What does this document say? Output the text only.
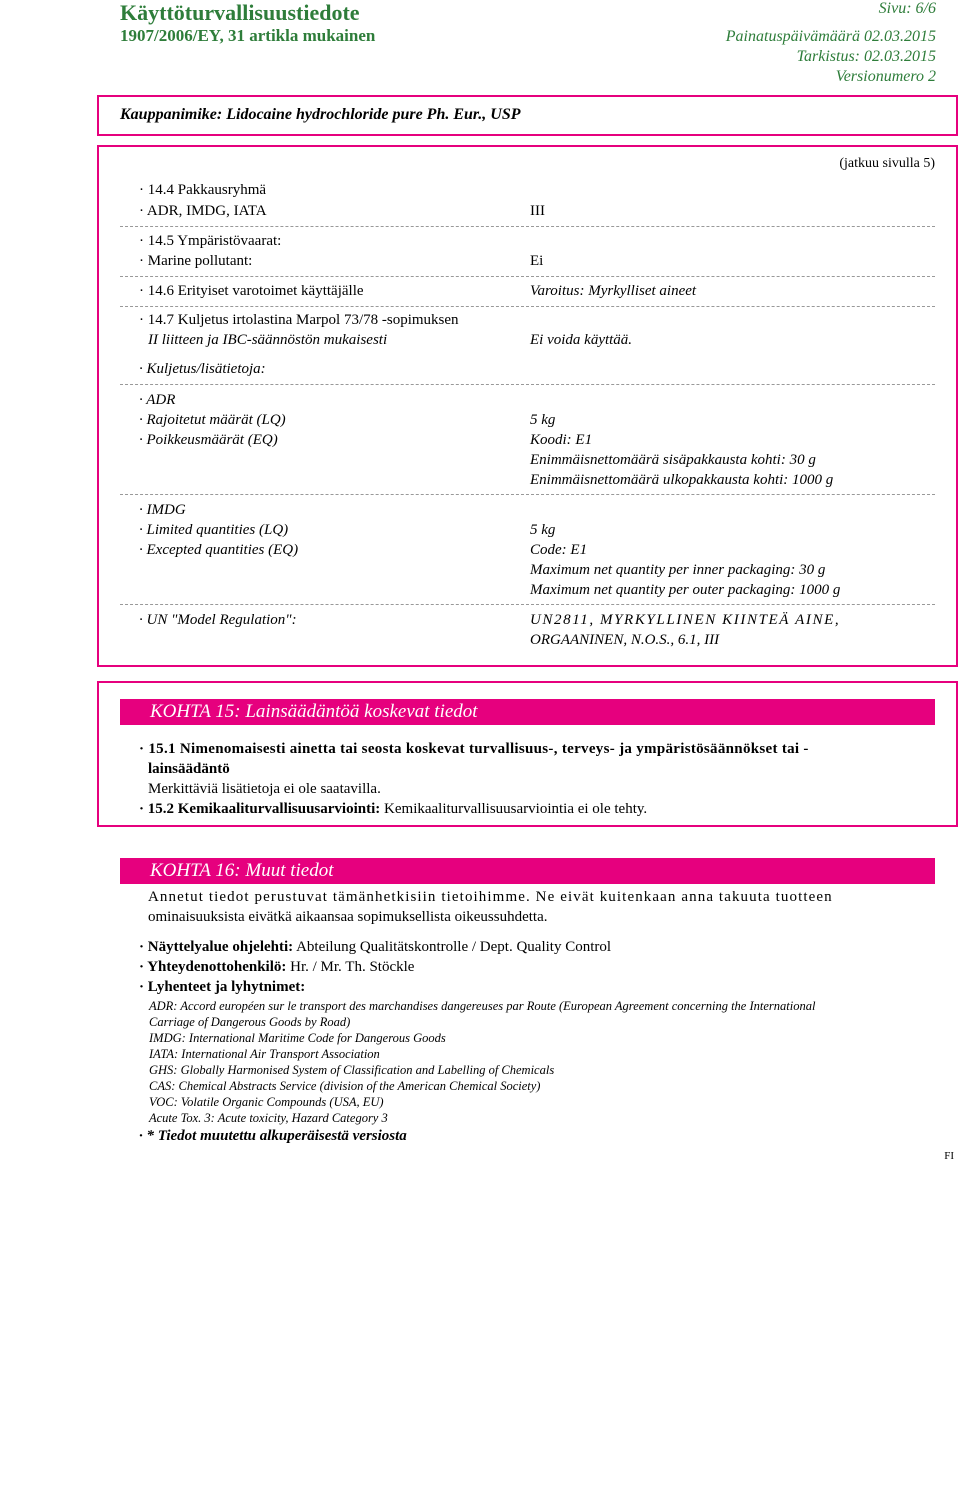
Käyttöturvallisuustiedote
1907/2006/EY, 31 artikla mukainen
Sivu: 6/6
Painatuspäivämäärä 02.03.2015
Tarkistus: 02.03.2015
Versionumero 2
Kauppanimike: Lidocaine hydrochloride pure Ph. Eur., USP
(jatkuu sivulla 5)
· 14.4 Pakkausryhmä
· ADR, IMDG, IATA	III
· 14.5 Ympäristövaarat:
· Marine pollutant:	Ei
· 14.6 Erityiset varotoimet käyttäjälle	Varoitus: Myrkylliset aineet
· 14.7 Kuljetus irtolastina Marpol 73/78 -sopimuksen
II liitteen ja IBC-säännöstön mukaisesti	Ei voida käyttää.
· Kuljetus/lisätietoja:
· ADR
· Rajoitetut määrät (LQ)	5 kg
· Poikkeusmäärät (EQ)	Koodi: E1
Enimmäisnettomäärä sisäpakkausta kohti: 30 g
Enimmäisnettomäärä ulkopakkausta kohti: 1000 g
· IMDG
· Limited quantities (LQ)	5 kg
· Excepted quantities (EQ)	Code: E1
Maximum net quantity per inner packaging: 30 g
Maximum net quantity per outer packaging: 1000 g
· UN "Model Regulation":	UN2811, MYRKYLLINEN KIINTEÄ AINE,
ORGAANINEN, N.O.S., 6.1, III
KOHTA 15: Lainsäädäntöä koskevat tiedot
· 15.1 Nimenomaisesti ainetta tai seosta koskevat turvallisuus-, terveys- ja ympäristösäännökset tai -
lainsäädäntö
Merkittäviä lisätietoja ei ole saatavilla.
· 15.2 Kemikaaliturvallisuusarviointi: Kemikaaliturvallisuusarviointia ei ole tehty.
KOHTA 16: Muut tiedot
Annetut tiedot perustuvat tämänhetkisiin tietoihimme. Ne eivät kuitenkaan anna takuuta tuotteen
ominaisuuksista eivätkä aikaansaa sopimuksellista oikeussuhdetta.
· Näyttelyalue ohjelehti: Abteilung Qualitätskontrolle / Dept. Quality Control
· Yhteydenottohenkilö: Hr. / Mr. Th. Stöckle
· Lyhenteet ja lyhytnimet:
ADR: Accord européen sur le transport des marchandises dangereuses par Route (European Agreement concerning the International
Carriage of Dangerous Goods by Road)
IMDG: International Maritime Code for Dangerous Goods
IATA: International Air Transport Association
GHS: Globally Harmonised System of Classification and Labelling of Chemicals
CAS: Chemical Abstracts Service (division of the American Chemical Society)
VOC: Volatile Organic Compounds (USA, EU)
Acute Tox. 3: Acute toxicity, Hazard Category 3
· * Tiedot muutettu alkuperäisestä versiosta
FI
